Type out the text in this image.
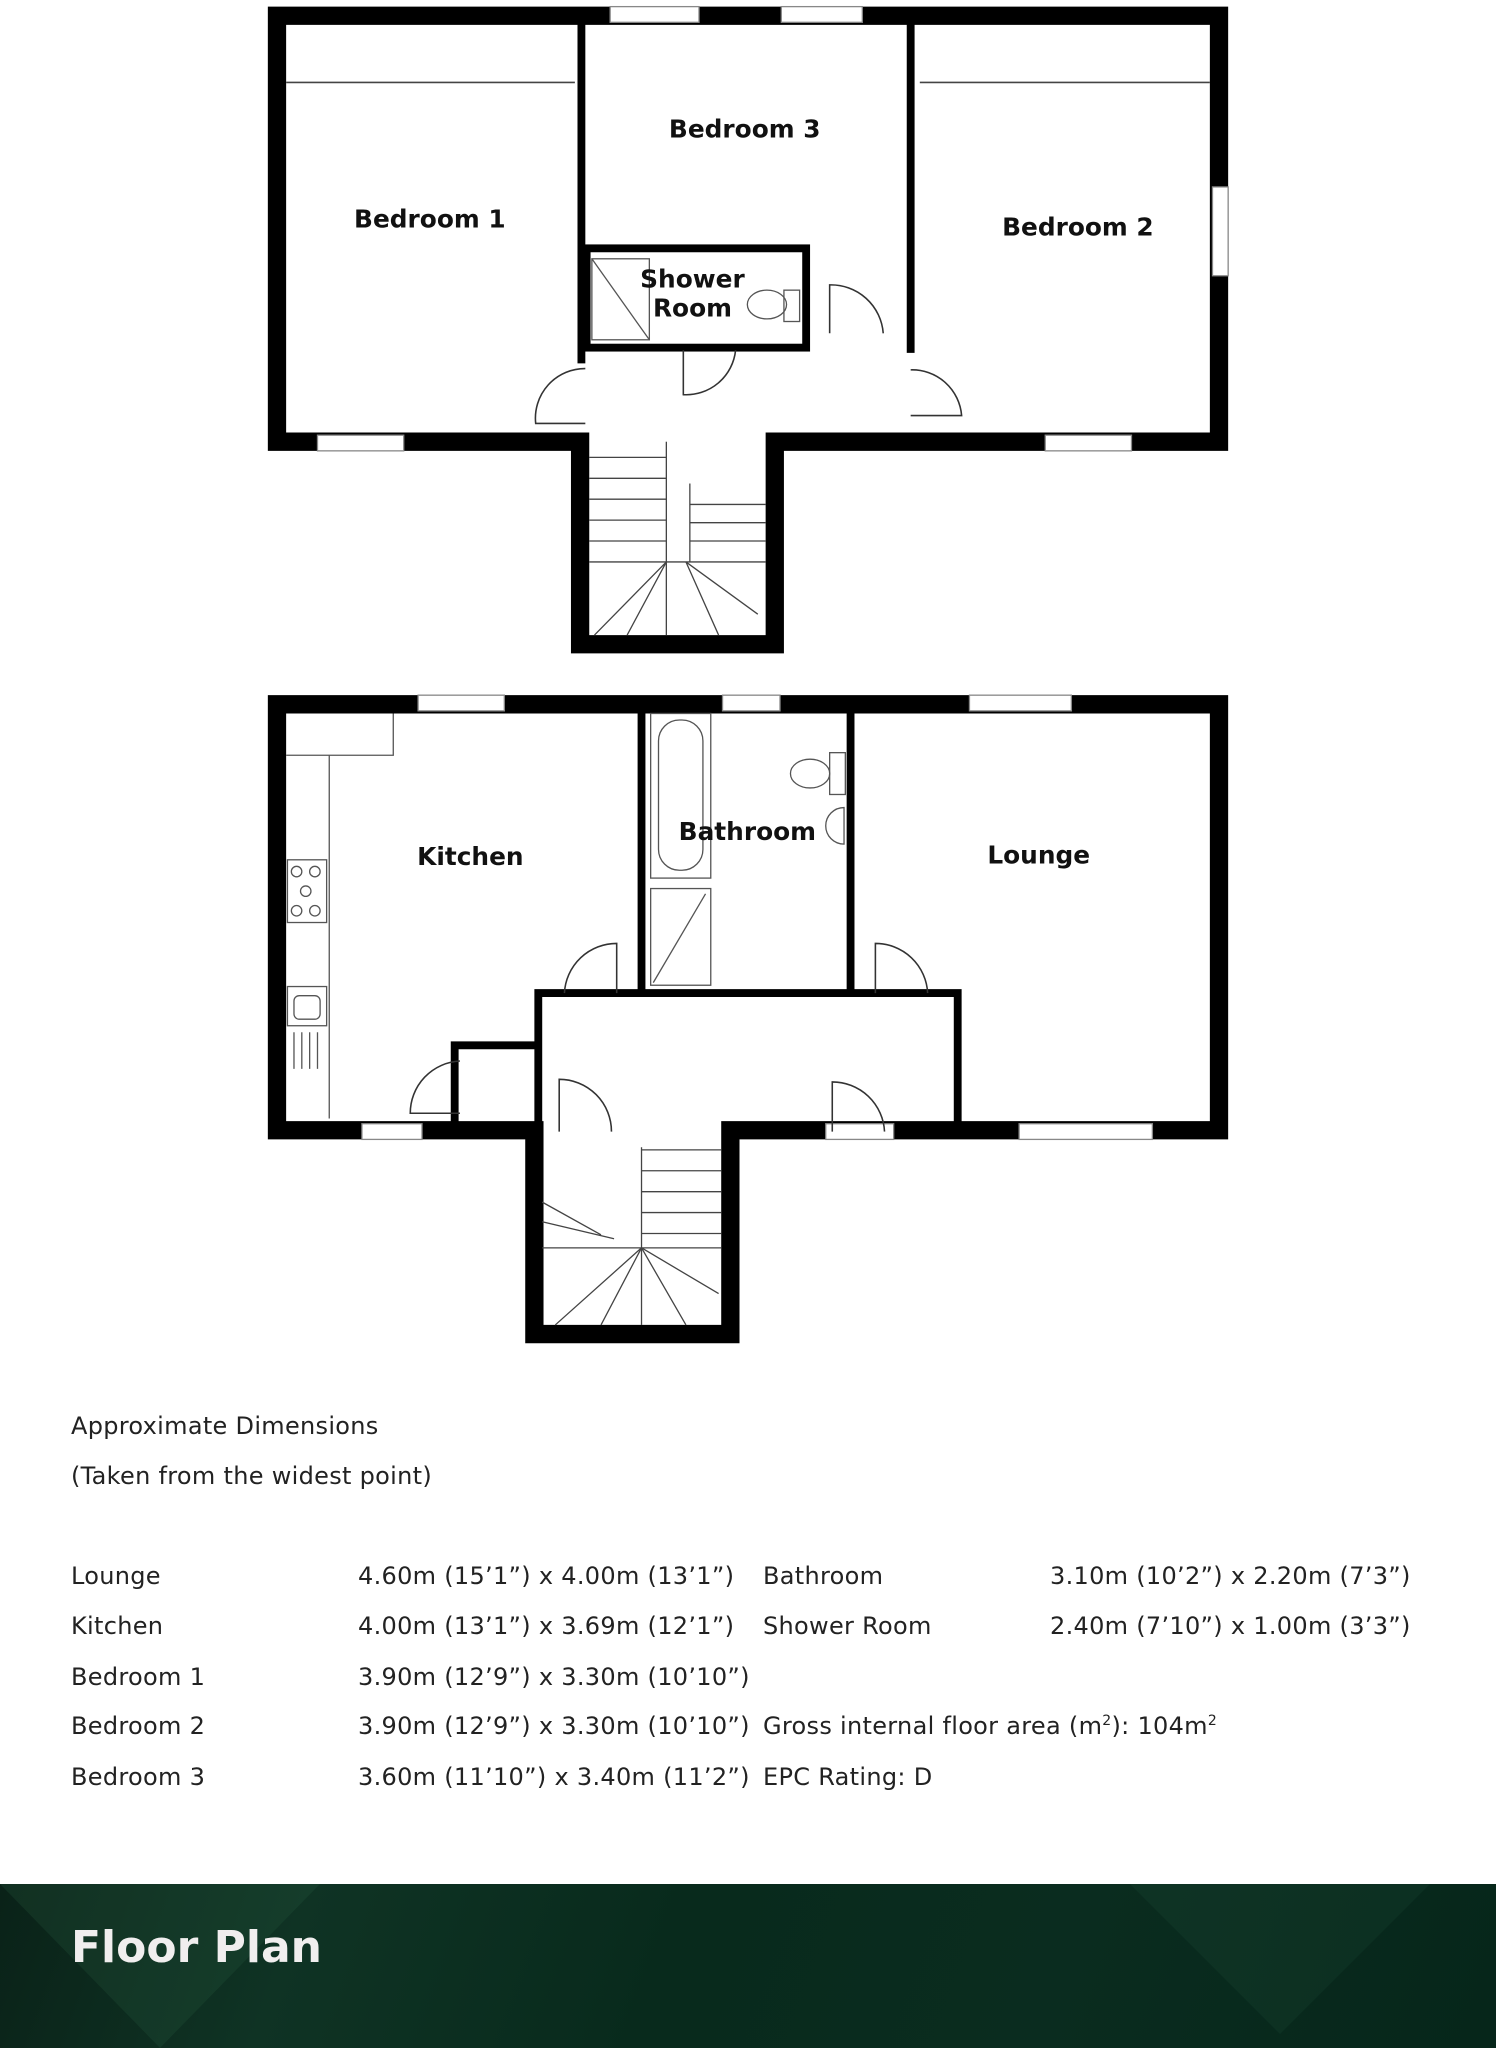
Bedroom 1
Bedroom 3
Bedroom 2
Shower
Room
Kitchen
Bathroom
Lounge
Approximate Dimensions
(Taken from the widest point)
Lounge	4.60m (15’1”) x 4.00m (13’1”)
Kitchen	4.00m (13’1”) x 3.69m (12’1”)
Bedroom 1	3.90m (12’9”) x 3.30m (10’10”)
Bedroom 2	3.90m (12’9”) x 3.30m (10’10”)
Bedroom 3	3.60m (11’10”) x 3.40m (11’2”)
Bathroom	3.10m (10’2”) x 2.20m (7’3”)
Shower Room	2.40m (7’10”) x 1.00m (3’3”)
Gross internal floor area $(m^2)$: $104m^2$
EPC Rating: D
Floor Plan
